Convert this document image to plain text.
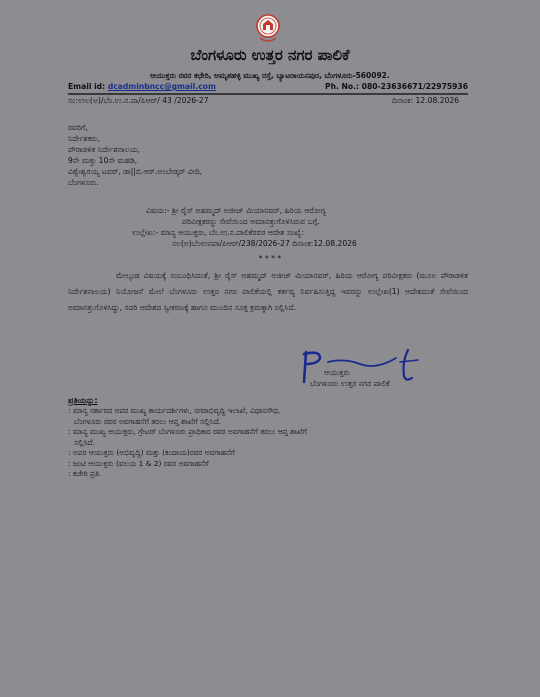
ಬೆಂಗಳೂರು ಉತ್ತರ ನಗರ ಪಾಲಿಕೆ
ಆಯುಕ್ತರು ರವರ ಕಛೇರಿ, ಅಮೃತಹಳ್ಳಿ ಮುಖ್ಯ ರಸ್ತೆ, ಬ್ಯಾಟರಾಯನಪುರ, ಬೆಂಗಳೂರು-560092.
Email id: dcadminbncc@gmail.com	Ph. No.: 080-23636671/22975936
ಸಂ:ಉಲ(ಅ)/ಬೆಂ.ಉ.ನ.ಪಾ/ಪಿಆರ್/ 43 /2026-27	ದಿನಾಂಕ: 12.08.2026
ರವರಿಗೆ,
ನಿರ್ದೇಶಕರು,
ಪೌರಾಡಳಿತ ನಿರ್ದೇಶನಾಲಯ,
9ನೇ ಮತ್ತು 10ನೇ ಮಹಡಿ,
ವಿಶ್ವೇಶ್ವರಯ್ಯ ಟವರ್, ಡಾ||ಬಿ.ಆರ್.ಅಂಬೇಡ್ಕರ್ ವೀದಿ,
ಬೆಂಗಳೂರು.
ವಿಷಯ:- ಶ್ರೀ ರೈಸ್ ಅಹಮ್ಮದ್ ಅಜೀಜ್ ಮಿಯಾನವರ್, ಹಿರಿಯ ಆರೋಗ್ಯ
ಪರಿವೀಕ್ಷಕರನ್ನು ಸೇವೆಯಿಂದ ಅಮಾನತ್ತುಗೊಳಿಸಿರುವ ಬಗ್ಗೆ.
ಉಲ್ಲೇಖ:- ಮಾನ್ಯ ಆಯುಕ್ತರು, ಬೆಂ.ಉ.ನ.ಪಾಲಿಕೆರವರ ಆದೇಶ ಸಂಖ್ಯೆ:
ಸಲ(ಅ)ಬೆಂಉನಪಾ/ಪಿಆರ್/238/2026-27 ದಿನಾಂಕ:12.08.2026
* * * *
ಮೇಲ್ಕಂಡ ವಿಷಯಕ್ಕೆ ಸಂಬಂಧಿಸಿದಂತೆ, ಶ್ರೀ ರೈಸ್ ಅಹಮ್ಮದ್ ಅಜೀಜ್ ಮಿಯಾನವರ್, ಹಿರಿಯ ಆರೋಗ್ಯ ಪರಿವೀಕ್ಷಕರು (ಮೂಲ ಪೌರಾಡಳಿತ ನಿರ್ದೇಶನಾಲಯ) ನಿಯೋಜನೆ ಮೇಲೆ ಬೆಂಗಳೂರು ಉತ್ತರ ನಗರ ಪಾಲಿಕೆಯಲ್ಲಿ ಕರ್ತವ್ಯ ನಿರ್ವಹಿಸುತ್ತಿದ್ದ ಇವರನ್ನು ಉಲ್ಲೇಖ(1) ಆದೇಶದಂತೆ ಸೇವೆಯಿಂದ ಅಮಾನತ್ತುಗೊಳಿಸಿದ್ದು, ಸದರಿ ಆದೇಶದ ಸ್ವೀಕರಣಕ್ಕೆ ಹಾಗೂ ಮುಂದಿನ ಸೂಕ್ತ ಕ್ರಮಕ್ಕಾಗಿ ಸಲ್ಲಿಸಿದೆ.
ಆಯುಕ್ತರು
ಬೆಂಗಳೂರು ಉತ್ತರ ನಗರ ಪಾಲಿಕೆ
ಪ್ರತಿಯನ್ನು:
: ಮಾನ್ಯ ಸರ್ಕಾರದ ಅಪರ ಮುಖ್ಯ ಕಾರ್ಯದರ್ಶಿಗಳು, ನಗರಾಭಿವೃದ್ಧಿ ಇಲಾಖೆ, ವಿಧಾನಸೌಧ,
ಬೆಂಗಳೂರು ರವರ ಅವಗಾಹನೆಗೆ ತರಲು ಆಪ್ತ ಶಾಖೆಗೆ ಸಲ್ಲಿಸಿದೆ.
: ಮಾನ್ಯ ಮುಖ್ಯ ಆಯುಕ್ತರು, ಗ್ರೇಟರ್ ಬೆಂಗಳೂರು ಪ್ರಾಧಿಕಾರ ರವರ ಅವಗಾಹನೆಗೆ ತರಲು ಆಪ್ತ ಶಾಖೆಗೆ
ಸಲ್ಲಿಸಿದೆ.
: ಅಪರ ಆಯುಕ್ತರು (ಅಭಿವೃದ್ಧಿ) ಮತ್ತು (ಕಂದಾಯ)ರವರ ಅವಗಾಹನೆಗೆ
: ಜಂಟಿ ಆಯುಕ್ತರು (ವಲಯ 1 & 2) ರವರ ಅವಗಾಹನೆಗೆ
: ಕಚೇರಿ ಪ್ರತಿ.
